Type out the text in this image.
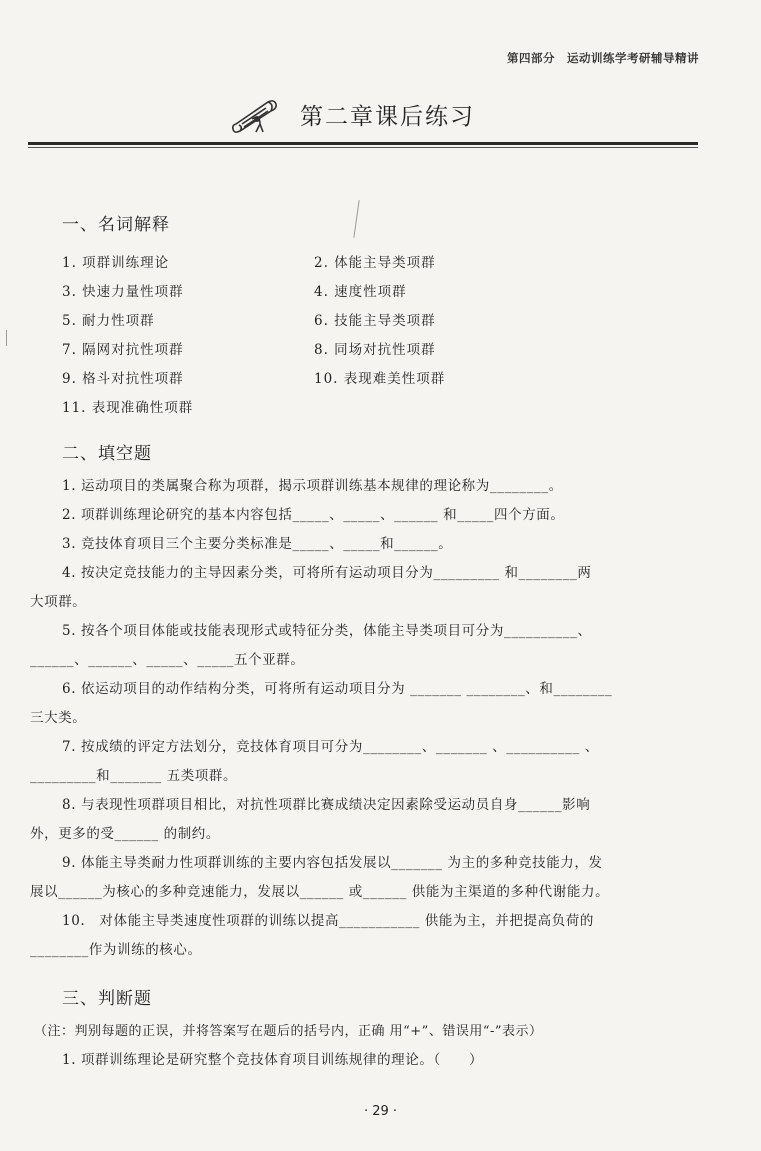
第四部分　运动训练学考研辅导精讲
第二章课后练习
一、名词解释
1. 项群训练理论	2. 体能主导类项群
3. 快速力量性项群	4. 速度性项群
5. 耐力性项群	6. 技能主导类项群
7. 隔网对抗性项群	8. 同场对抗性项群
9. 格斗对抗性项群	10. 表现难美性项群
11. 表现准确性项群
二、填空题
1. 运动项目的类属聚合称为项群，揭示项群训练基本规律的理论称为________。
2. 项群训练理论研究的基本内容包括_____、_____、______ 和_____四个方面。
3. 竞技体育项目三个主要分类标准是_____、_____和______。
4. 按决定竞技能力的主导因素分类，可将所有运动项目分为_________ 和________两
大项群。
5. 按各个项目体能或技能表现形式或特征分类，体能主导类项目可分为__________、
______、______、_____、_____五个亚群。
6. 依运动项目的动作结构分类，可将所有运动项目分为 _______ ________、和________
三大类。
7. 按成绩的评定方法划分，竞技体育项目可分为________、_______ 、__________ 、
_________和_______ 五类项群。
8. 与表现性项群项目相比，对抗性项群比赛成绩决定因素除受运动员自身______影响
外，更多的受______ 的制约。
9. 体能主导类耐力性项群训练的主要内容包括发展以_______ 为主的多种竞技能力，发
展以______为核心的多种竞速能力，发展以______ 或______ 供能为主渠道的多种代谢能力。
10.　对体能主导类速度性项群的训练以提高___________ 供能为主，并把提高负荷的
________作为训练的核心。
三、判断题
（注：判别每题的正误，并将答案写在题后的括号内，正确 用“+”、错误用“-”表示）
1. 项群训练理论是研究整个竞技体育项目训练规律的理论。（　　）
· 29 ·
